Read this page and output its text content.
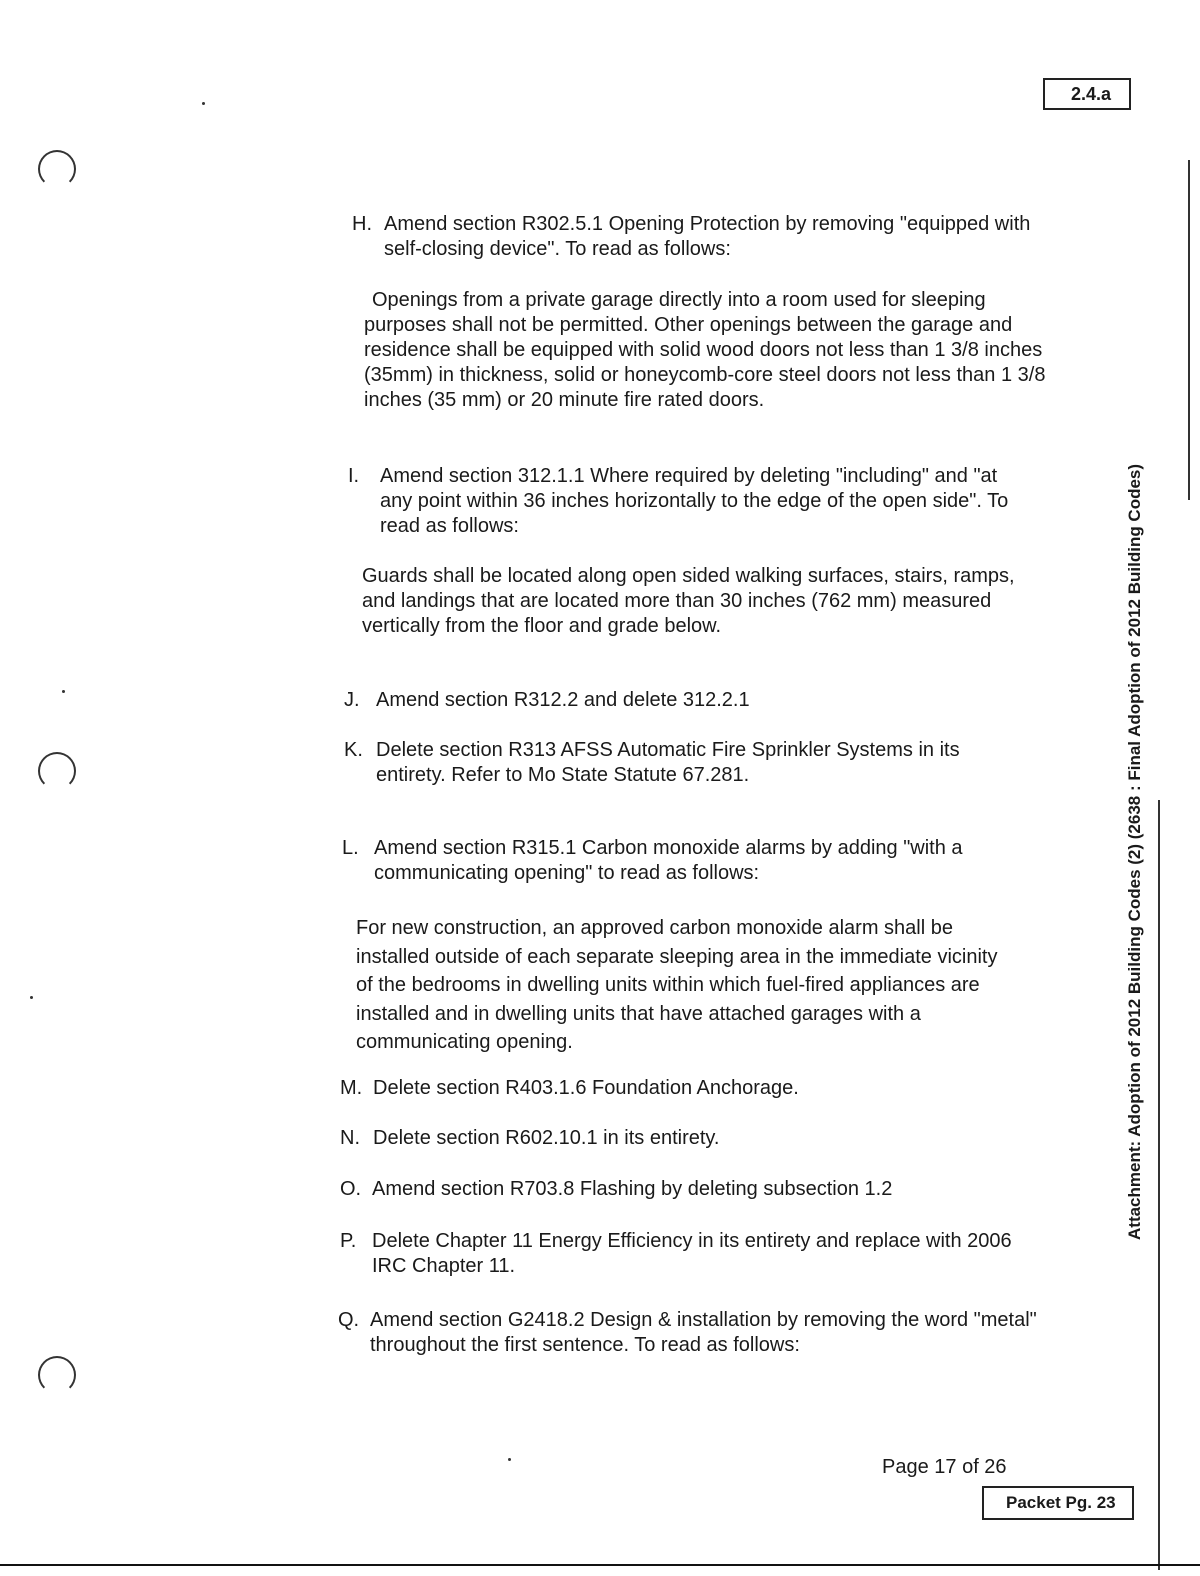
2.4.a
H. Amend section R302.5.1 Opening Protection by removing "equipped with self-closing device". To read as follows:
Openings from a private garage directly into a room used for sleeping purposes shall not be permitted. Other openings between the garage and residence shall be equipped with solid wood doors not less than 1 3/8 inches (35mm) in thickness, solid or honeycomb-core steel doors not less than 1 3/8 inches (35 mm) or 20 minute fire rated doors.
I.	Amend section 312.1.1 Where required by deleting "including" and "at any point within 36 inches horizontally to the edge of the open side". To read as follows:
Guards shall be located along open sided walking surfaces, stairs, ramps, and landings that are located more than 30 inches (762 mm) measured vertically from the floor and grade below.
J. Amend section R312.2 and delete 312.2.1
K. Delete section R313 AFSS Automatic Fire Sprinkler Systems in its entirety. Refer to Mo State Statute 67.281.
L. Amend section R315.1 Carbon monoxide alarms by adding "with a communicating opening" to read as follows:
For new construction, an approved carbon monoxide alarm shall be installed outside of each separate sleeping area in the immediate vicinity of the bedrooms in dwelling units within which fuel-fired appliances are installed and in dwelling units that have attached garages with a communicating opening.
M. Delete section R403.1.6 Foundation Anchorage.
N. Delete section R602.10.1 in its entirety.
O. Amend section R703.8 Flashing by deleting subsection 1.2
P. Delete Chapter 11 Energy Efficiency in its entirety and replace with 2006 IRC Chapter 11.
Q. Amend section G2418.2 Design & installation by removing the word "metal" throughout the first sentence. To read as follows:
Attachment: Adoption of 2012 Building Codes (2) (2638 : Final Adoption of 2012 Building Codes)
Page 17 of 26
Packet Pg. 23
